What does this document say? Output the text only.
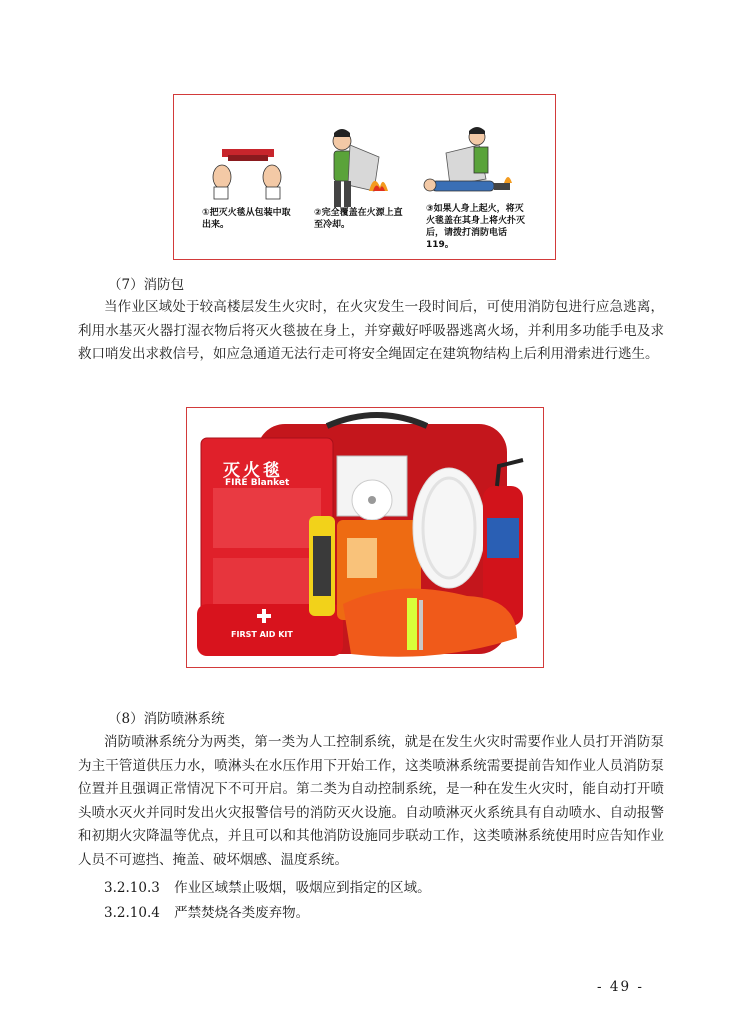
①把灭火毯从包装中取出来。
②完全覆盖在火源上直至冷却。
③如果人身上起火，将灭火毯盖在其身上将火扑灭后，请拨打消防电话119。
（7）消防包

当作业区域处于较高楼层发生火灾时，在火灾发生一段时间后，可使用消防包进行应急逃离，利用水基灭火器打湿衣物后将灭火毯披在身上，并穿戴好呼吸器逃离火场，并利用多功能手电及求救口哨发出求救信号，如应急通道无法行走可将安全绳固定在建筑物结构上后利用滑索进行逃生。

灭火毯
FIRE Blanket
FIRST AID KIT
（8）消防喷淋系统

消防喷淋系统分为两类，第一类为人工控制系统，就是在发生火灾时需要作业人员打开消防泵为主干管道供压力水，喷淋头在水压作用下开始工作，这类喷淋系统需要提前告知作业人员消防泵位置并且强调正常情况下不可开启。第二类为自动控制系统，是一种在发生火灾时，能自动打开喷头喷水灭火并同时发出火灾报警信号的消防灭火设施。自动喷淋灭火系统具有自动喷水、自动报警和初期火灾降温等优点，并且可以和其他消防设施同步联动工作，这类喷淋系统使用时应告知作业人员不可遮挡、掩盖、破坏烟感、温度系统。

3.2.10.3 作业区域禁止吸烟，吸烟应到指定的区域。
3.2.10.4 严禁焚烧各类废弃物。
- 49 -
